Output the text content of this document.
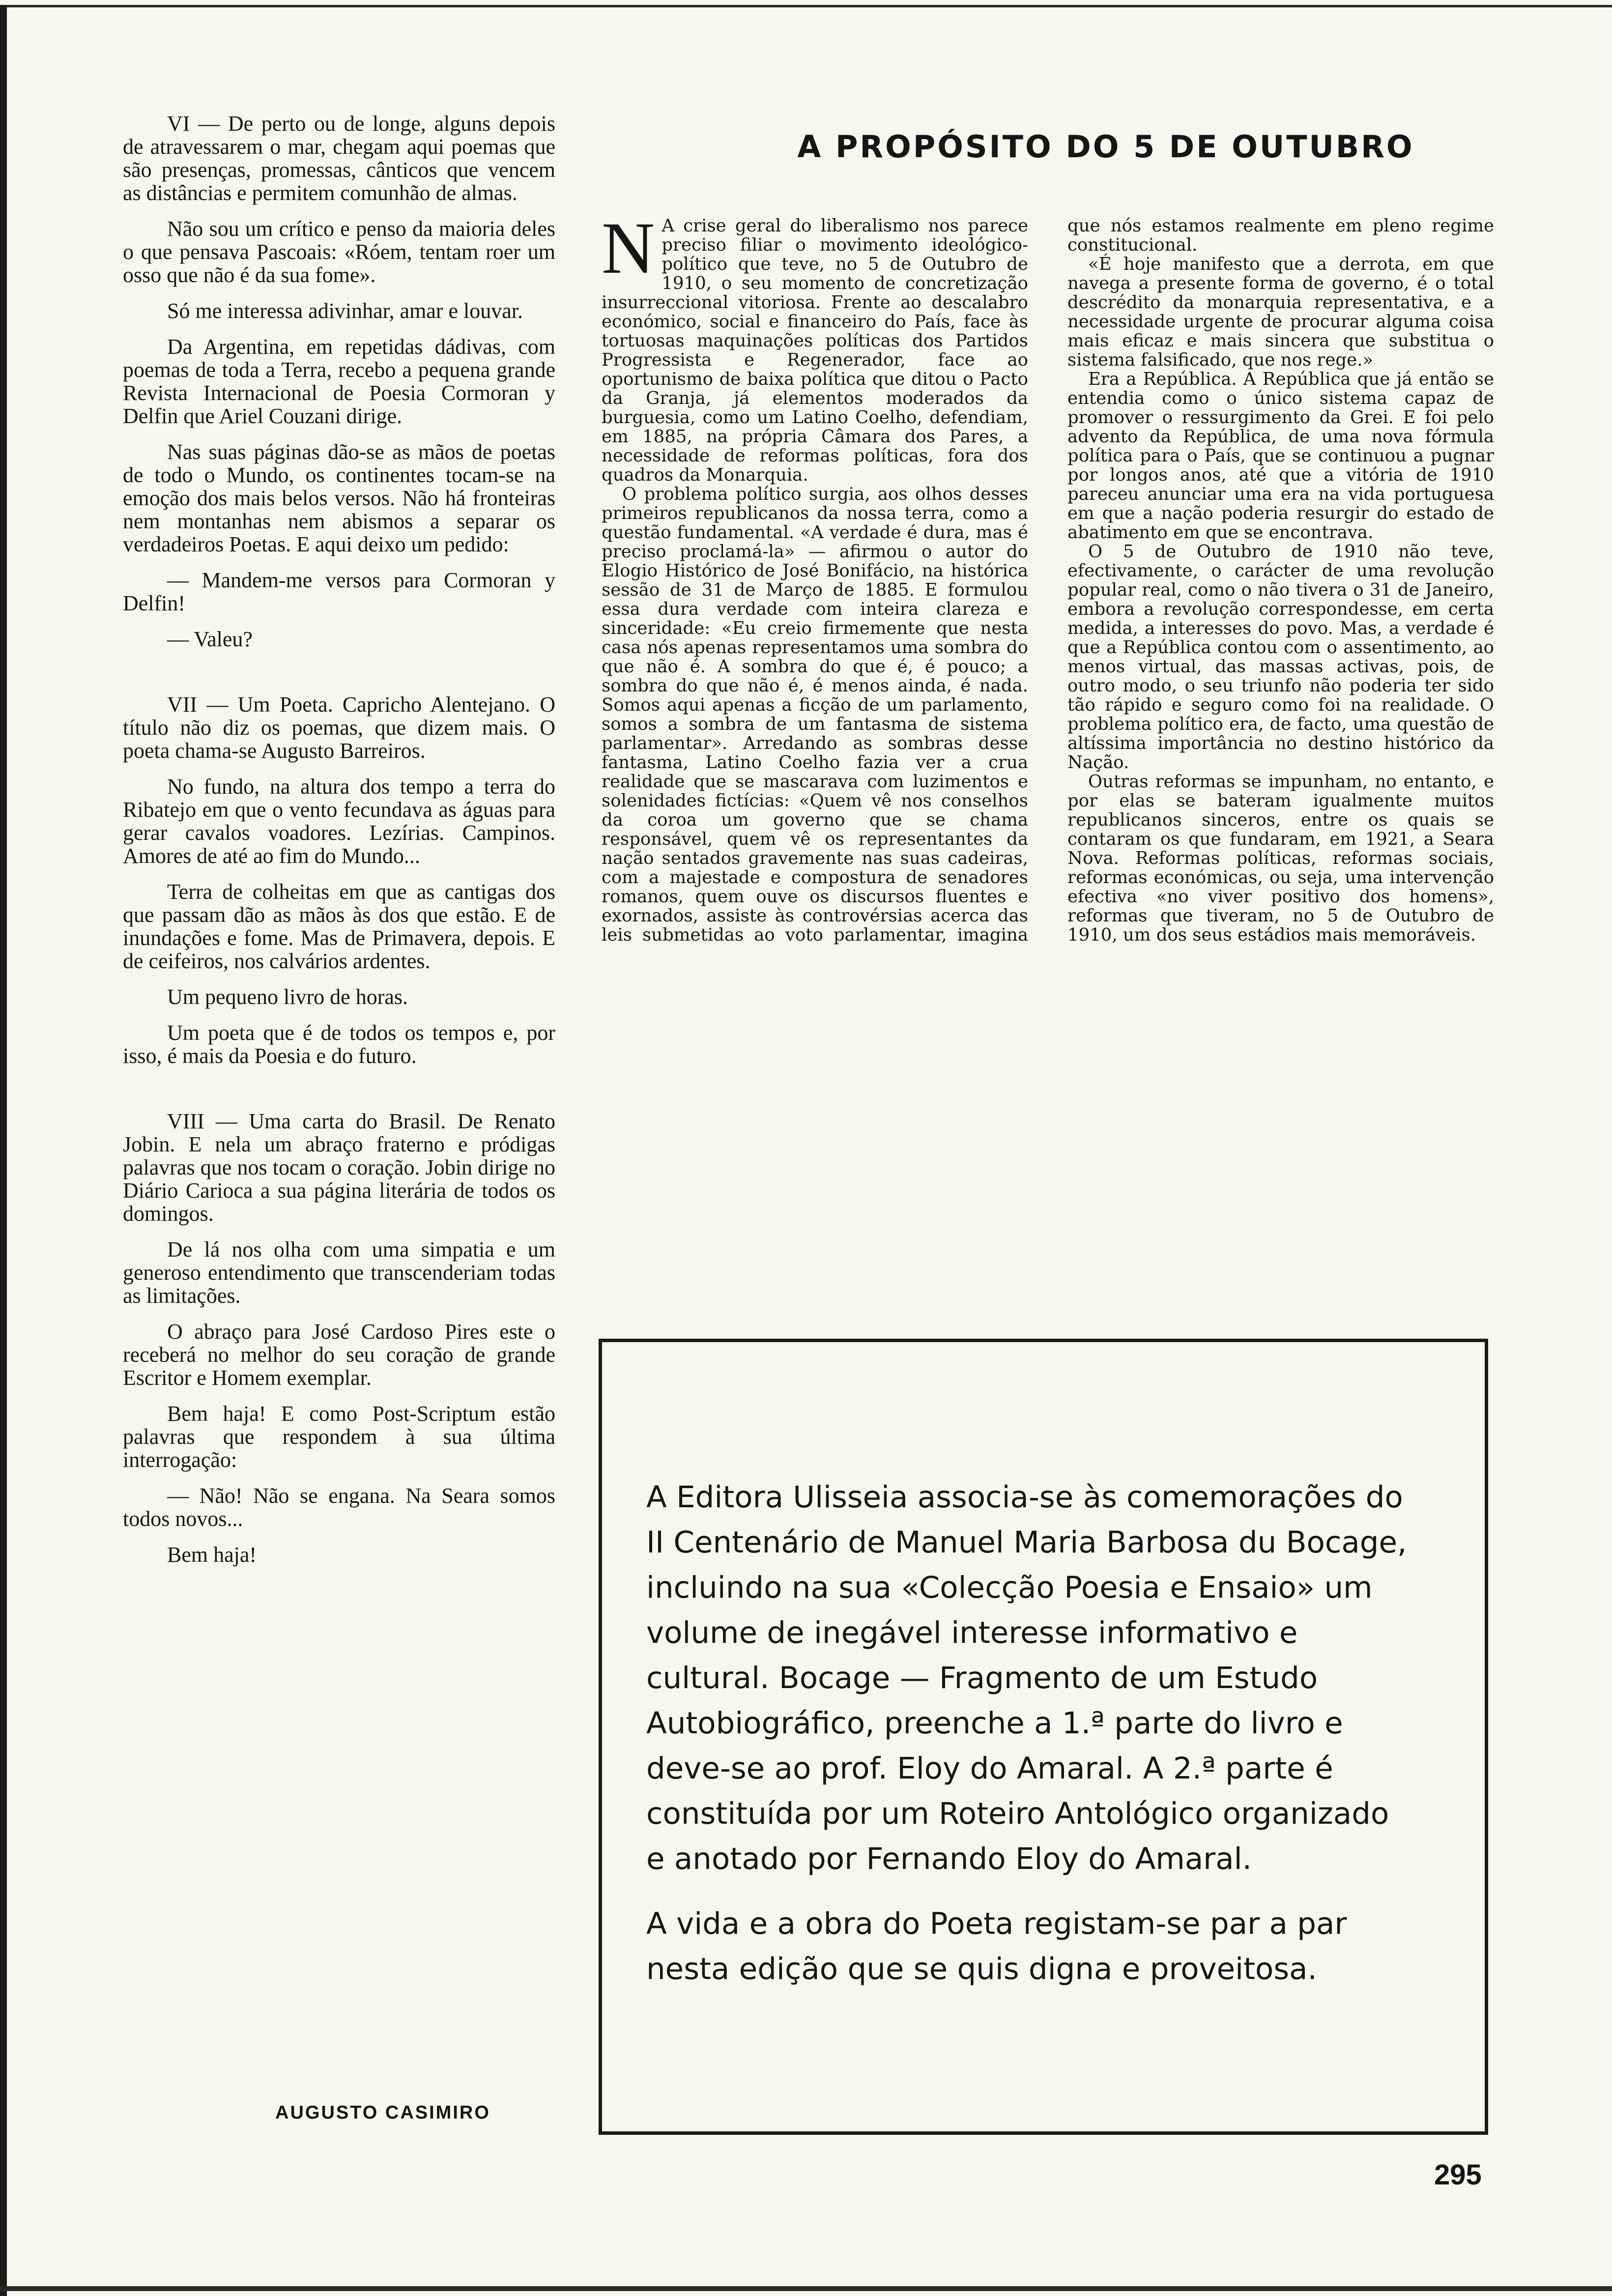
VI — De perto ou de longe, alguns depois de atravessarem o mar, chegam aqui poemas que são presenças, promessas, cânticos que vencem as distâncias e permitem comunhão de almas.

Não sou um crítico e penso da maioria deles o que pensava Pascoais: «Róem, tentam roer um osso que não é da sua fome».

Só me interessa adivinhar, amar e louvar.

Da Argentina, em repetidas dádivas, com poemas de toda a Terra, recebo a pequena grande Revista Internacional de Poesia Cormoran y Delfin que Ariel Couzani dirige.

Nas suas páginas dão-se as mãos de poetas de todo o Mundo, os continentes tocam-se na emoção dos mais belos versos. Não há fronteiras nem montanhas nem abismos a separar os verdadeiros Poetas. E aqui deixo um pedido:

— Mandem-me versos para Cormoran y Delfin!

— Valeu?

VII — Um Poeta. Capricho Alentejano. O título não diz os poemas, que dizem mais. O poeta chama-se Augusto Barreiros.

No fundo, na altura dos tempo a terra do Ribatejo em que o vento fecundava as águas para gerar cavalos voadores. Lezírias. Campinos. Amores de até ao fim do Mundo...

Terra de colheitas em que as cantigas dos que passam dão as mãos às dos que estão. E de inundações e fome. Mas de Primavera, depois. E de ceifeiros, nos calvários ardentes.

Um pequeno livro de horas.

Um poeta que é de todos os tempos e, por isso, é mais da Poesia e do futuro.

VIII — Uma carta do Brasil. De Renato Jobin. E nela um abraço fraterno e pródigas palavras que nos tocam o coração. Jobin dirige no Diário Carioca a sua página literária de todos os domingos.

De lá nos olha com uma simpatia e um generoso entendimento que transcenderiam todas as limitações.

O abraço para José Cardoso Pires este o receberá no melhor do seu coração de grande Escritor e Homem exemplar.

Bem haja! E como Post-Scriptum estão palavras que respondem à sua última interrogação:

— Não! Não se engana. Na Seara somos todos novos...

Bem haja!

AUGUSTO CASIMIRO
A PROPÓSITO DO 5 DE OUTUBRO

N A crise geral do liberalismo nos parece preciso filiar o movimento ideológico-político que teve, no 5 de Outubro de 1910, o seu momento de concretização insurreccional vitoriosa. Frente ao descalabro económico, social e financeiro do País, face às tortuosas maquinações políticas dos Partidos Progressista e Regenerador, face ao oportunismo de baixa política que ditou o Pacto da Granja, já elementos moderados da burguesia, como um Latino Coelho, defendiam, em 1885, na própria Câmara dos Pares, a necessidade de reformas políticas, fora dos quadros da Monarquia.

O problema político surgia, aos olhos desses primeiros republicanos da nossa terra, como a questão fundamental. «A verdade é dura, mas é preciso proclamá-la» — afirmou o autor do Elogio Histórico de José Bonifácio, na histórica sessão de 31 de Março de 1885. E formulou essa dura verdade com inteira clareza e sinceridade: «Eu creio firmemente que nesta casa nós apenas representamos uma sombra do que não é. A sombra do que é, é pouco; a sombra do que não é, é menos ainda, é nada. Somos aqui apenas a ficção de um parlamento, somos a sombra de um fantasma de sistema parlamentar». Arredando as sombras desse fantasma, Latino Coelho fazia ver a crua realidade que se mascarava com luzimentos e solenidades fictícias: «Quem vê nos conselhos da coroa um governo que se chama responsável, quem vê os representantes da nação sentados gravemente nas suas cadeiras, com a majestade e compostura de senadores romanos, quem ouve os discursos fluentes e exornados, assiste às controvérsias acerca das leis submetidas ao voto parlamentar, imagina que nós estamos realmente em pleno regime constitucional.

«É hoje manifesto que a derrota, em que navega a presente forma de governo, é o total descrédito da monarquia representativa, e a necessidade urgente de procurar alguma coisa mais eficaz e mais sincera que substitua o sistema falsificado, que nos rege.»

Era a República. A República que já então se entendia como o único sistema capaz de promover o ressurgimento da Grei. E foi pelo advento da República, de uma nova fórmula política para o País, que se continuou a pugnar por longos anos, até que a vitória de 1910 pareceu anunciar uma era na vida portuguesa em que a nação poderia resurgir do estado de abatimento em que se encontrava.

O 5 de Outubro de 1910 não teve, efectivamente, o carácter de uma revolução popular real, como o não tivera o 31 de Janeiro, embora a revolução correspondesse, em certa medida, a interesses do povo. Mas, a verdade é que a República contou com o assentimento, ao menos virtual, das massas activas, pois, de outro modo, o seu triunfo não poderia ter sido tão rápido e seguro como foi na realidade. O problema político era, de facto, uma questão de altíssima importância no destino histórico da Nação.

Outras reformas se impunham, no entanto, e por elas se bateram igualmente muitos republicanos sinceros, entre os quais se contaram os que fundaram, em 1921, a Seara Nova. Reformas políticas, reformas sociais, reformas económicas, ou seja, uma intervenção efectiva «no viver positivo dos homens», reformas que tiveram, no 5 de Outubro de 1910, um dos seus estádios mais memoráveis.

A Editora Ulisseia associa-se às comemorações do II Centenário de Manuel Maria Barbosa du Bocage, incluindo na sua «Colecção Poesia e Ensaio» um volume de inegável interesse informativo e cultural. Bocage — Fragmento de um Estudo Autobiográfico, preenche a 1.ª parte do livro e deve-se ao prof. Eloy do Amaral. A 2.ª parte é constituída por um Roteiro Antológico organizado e anotado por Fernando Eloy do Amaral.

A vida e a obra do Poeta registam-se par a par nesta edição que se quis digna e proveitosa.

295
